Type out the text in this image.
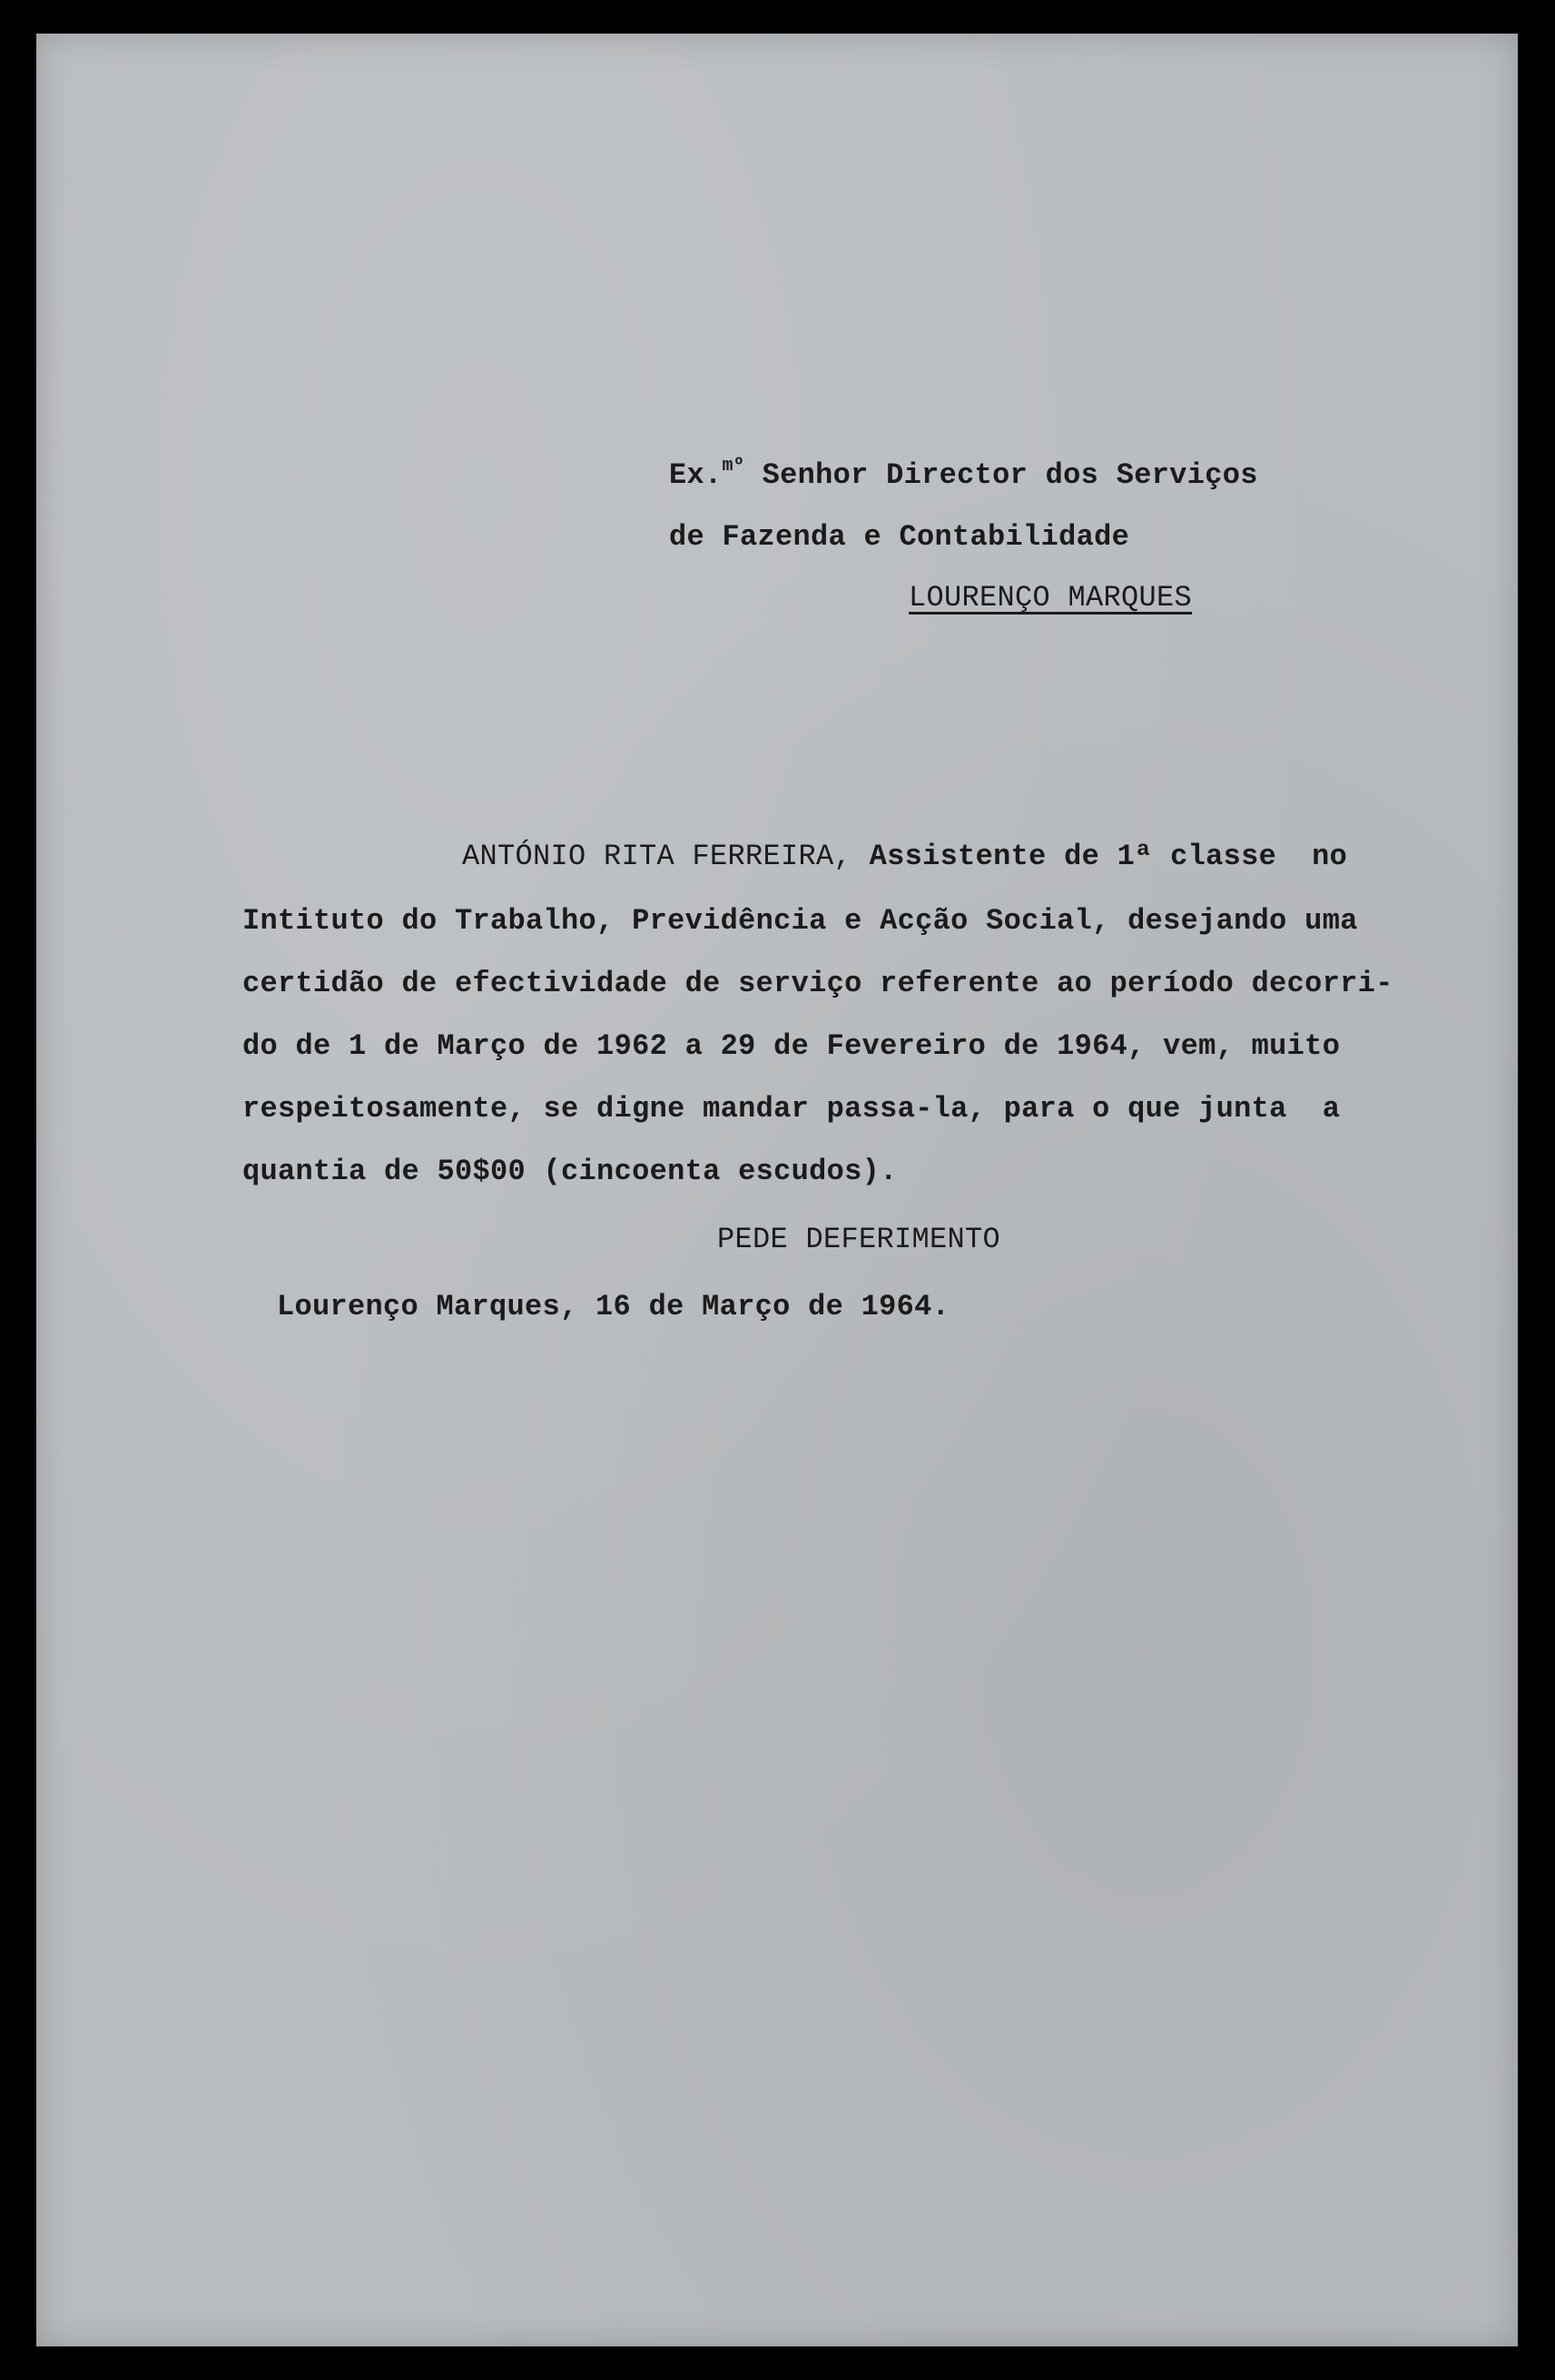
Ex.$^{mº}$ Senhor Director dos Serviços
de Fazenda e Contabilidade
LOURENÇO MARQUES
ANTÓNIO RITA FERREIRA, Assistente de 1ª classe  no
Intituto do Trabalho, Previdência e Acção Social, desejando uma
certidão de efectividade de serviço referente ao período decorri-
do de 1 de Março de 1962 a 29 de Fevereiro de 1964, vem, muito
respeitosamente, se digne mandar passa-la, para o que junta  a
quantia de 50$00 (cincoenta escudos).
PEDE DEFERIMENTO
Lourenço Marques, 16 de Março de 1964.
